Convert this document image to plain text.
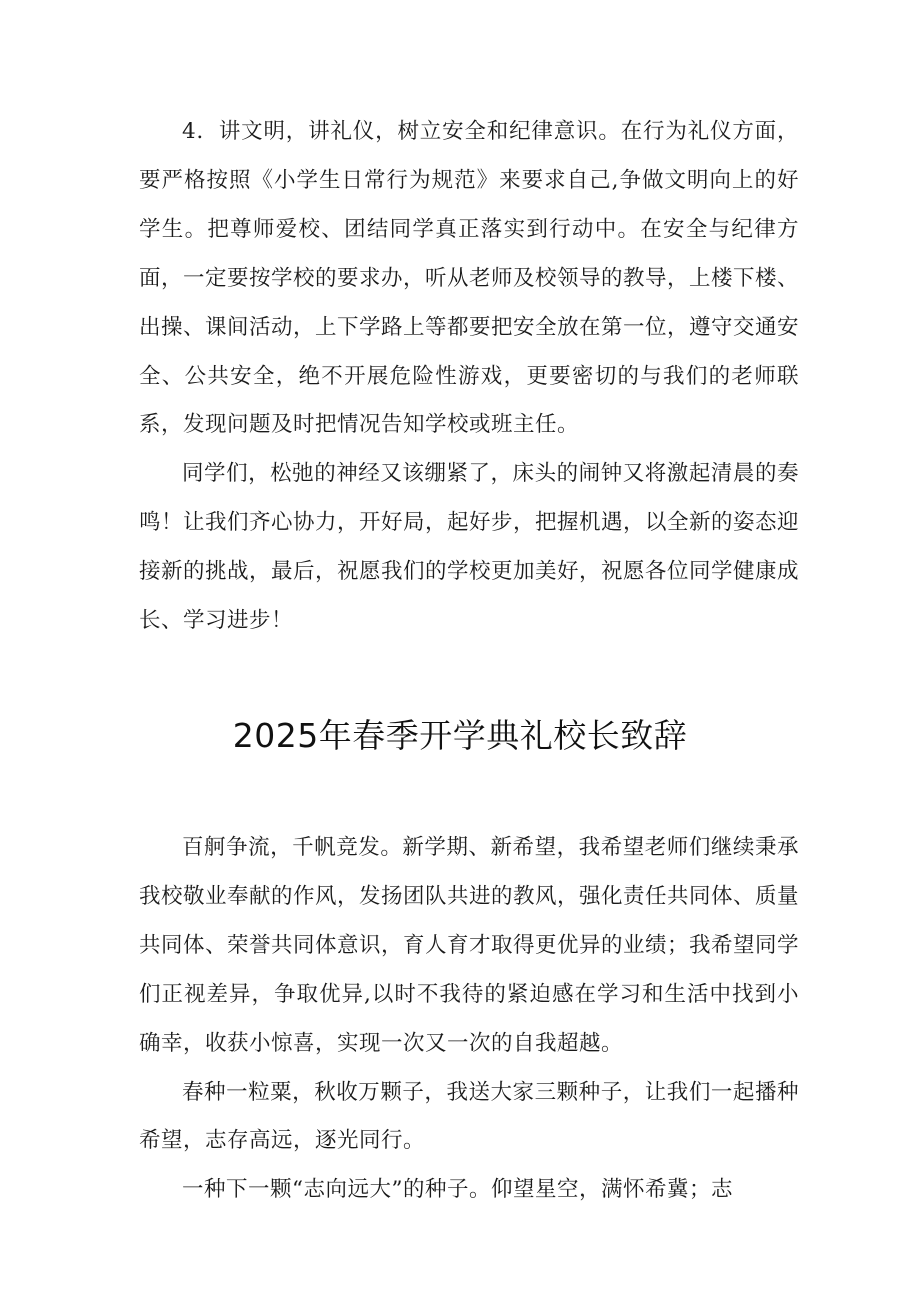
4．讲文明，讲礼仪，树立安全和纪律意识。在行为礼仪方面，要严格按照《小学生日常行为规范》来要求自己,争做文明向上的好学生。把尊师爱校、团结同学真正落实到行动中。在安全与纪律方面，一定要按学校的要求办，听从老师及校领导的教导，上楼下楼、出操、课间活动，上下学路上等都要把安全放在第一位，遵守交通安全、公共安全，绝不开展危险性游戏，更要密切的与我们的老师联系，发现问题及时把情况告知学校或班主任。

同学们，松弛的神经又该绷紧了，床头的闹钟又将激起清晨的奏鸣！让我们齐心协力，开好局，起好步，把握机遇，以全新的姿态迎接新的挑战，最后，祝愿我们的学校更加美好，祝愿各位同学健康成长、学习进步！

2025年春季开学典礼校长致辞

百舸争流，千帆竞发。新学期、新希望，我希望老师们继续秉承我校敬业奉献的作风，发扬团队共进的教风，强化责任共同体、质量共同体、荣誉共同体意识，育人育才取得更优异的业绩；我希望同学们正视差异，争取优异,以时不我待的紧迫感在学习和生活中找到小确幸，收获小惊喜，实现一次又一次的自我超越。

春种一粒粟，秋收万颗子，我送大家三颗种子，让我们一起播种希望，志存高远，逐光同行。

一种下一颗“志向远大”的种子。仰望星空，满怀希冀；志
